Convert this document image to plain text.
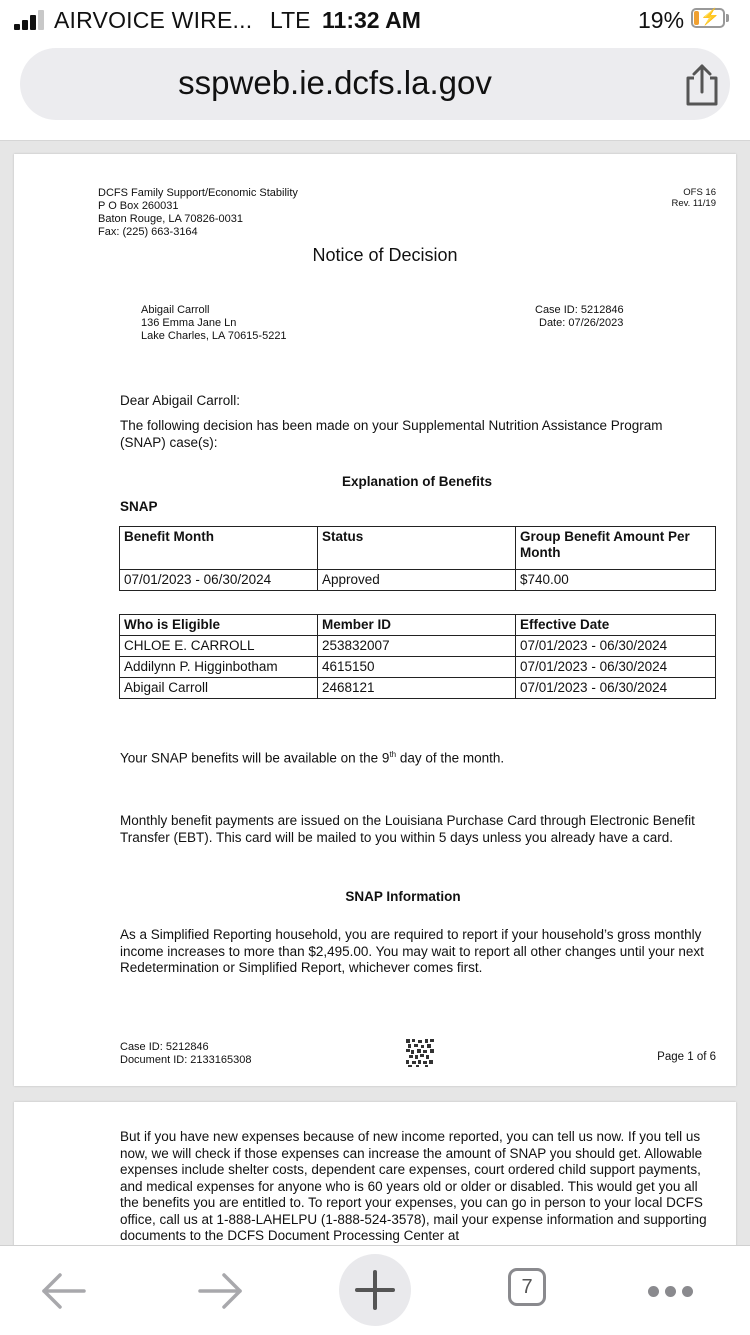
AIRVOICE WIRE... LTE 11:32 AM	19% ⚡
sspweb.ie.dcfs.la.gov
DCFS Family Support/Economic Stability
P O Box 260031
Baton Rouge, LA 70826-0031
Fax: (225) 663-3164
OFS 16
Rev. 11/19
Notice of Decision
Abigail Carroll
136 Emma Jane Ln
Lake Charles, LA 70615-5221
Case ID: 5212846
Date: 07/26/2023
Dear Abigail Carroll:
The following decision has been made on your Supplemental Nutrition Assistance Program (SNAP) case(s):
Explanation of Benefits
SNAP
Benefit Month	Status	Group Benefit Amount Per Month
07/01/2023 - 06/30/2024	Approved	$740.00
Who is Eligible	Member ID	Effective Date
CHLOE E. CARROLL	253832007	07/01/2023 - 06/30/2024
Addilynn P. Higginbotham	4615150	07/01/2023 - 06/30/2024
Abigail Carroll	2468121	07/01/2023 - 06/30/2024
Your SNAP benefits will be available on the 9th day of the month.
Monthly benefit payments are issued on the Louisiana Purchase Card through Electronic Benefit Transfer (EBT). This card will be mailed to you within 5 days unless you already have a card.
SNAP Information
As a Simplified Reporting household, you are required to report if your household’s gross monthly income increases to more than $2,495.00. You may wait to report all other changes until your next Redetermination or Simplified Report, whichever comes first.
Case ID: 5212846
Document ID: 2133165308	Page 1 of 6
But if you have new expenses because of new income reported, you can tell us now. If you tell us now, we will check if those expenses can increase the amount of SNAP you should get. Allowable expenses include shelter costs, dependent care expenses, court ordered child support payments, and medical expenses for anyone who is 60 years old or older or disabled. This would get you all the benefits you are entitled to. To report your expenses, you can go in person to your local DCFS office, call us at 1-888-LAHELPU (1-888-524-3578), mail your expense information and supporting documents to the DCFS Document Processing Center at
7
